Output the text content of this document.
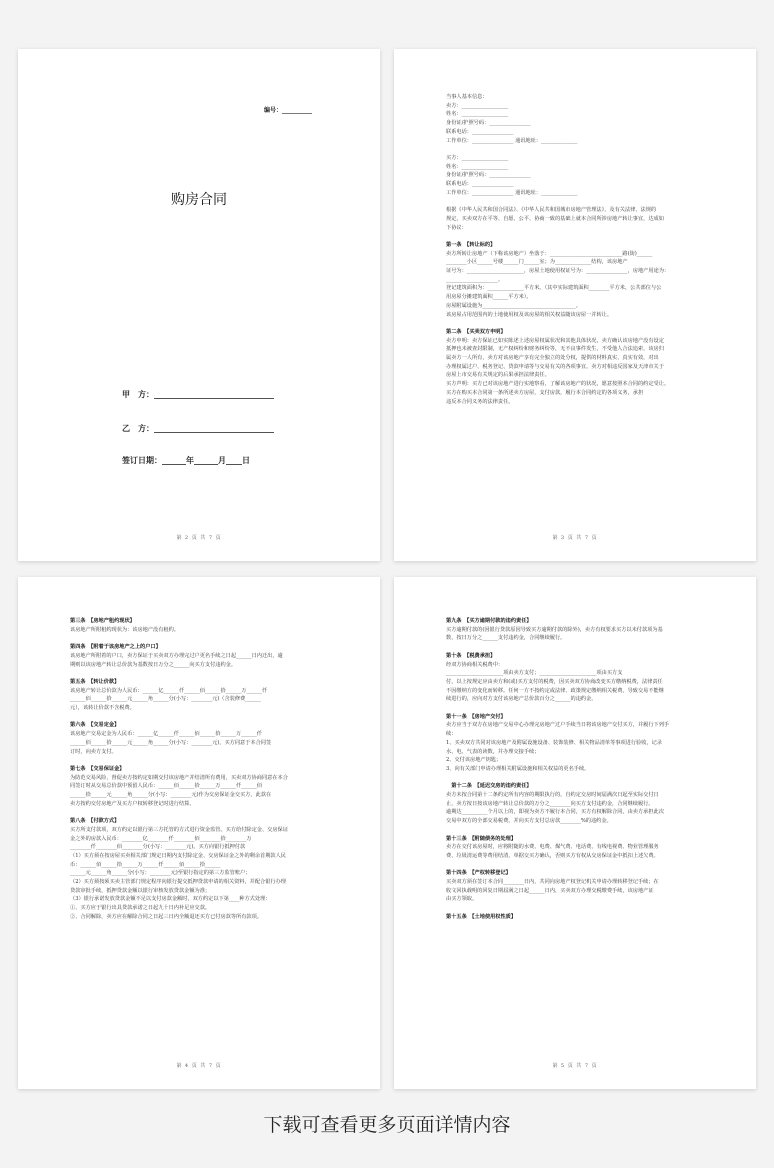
编号：__________
购房合同
甲　方：______________________________
乙　方：______________________________
签订日期：______年______月____日
第 2 页 共 7 页

当事人基本信息：

卖方：__________________

姓名：__________________

身份证/护照号码：________________

联系电话：________________

工作单位：________________ 通讯地址：______________

买方：__________________

姓名：__________________

身份证/护照号码：________________

联系电话：________________

工作单位：________________ 通讯地址：______________

根据《中华人民共和国合同法》、《中华人民共和国城市房地产管理法》，及有关法律、法规的

规定，买卖双方在平等、自愿、公平、协商一致的基础上就本合同所涉房地产转让事宜，达成如

下协议：

第一条　【转让标的】

卖方所转让房地产（下称该房地产）坐落于：____________________________路(街)______

________小区______号楼______门______室；为______________结构，该房地产

证号为：______________________，房屋土地使用权证号为：________________，房地产用途为：

____________________。

登记建筑面积为：______________平方米。（其中实际建筑面积________平方米，公共部位与公

用房屋分摊建筑面积______平方米）。

房屋附属设施为____________________________________。

该房屋占用范围内的土地使用权及该房屋的相关权益随该房屋一并转让。

第二条　【买卖双方申明】

卖方申明：卖方保证已如实陈述上述房屋权属状况和其他具体状况，卖方确认该房地产没有设定

抵押也未被查封限制，无产权纠纷和财务纠纷等，无不良事件发生，不受他人合法追索，该房归

属卖方一人所有，卖方对该房地产享有完全独立的处分权，提供的材料真实、真实有效，对出

办理权属过户、税务登记、贷款申请等与交易有关的各项事宜。卖方对相违反国家及天津市关于

房屋上市交易有关规定的后果承担法律责任。

买方声明：买方已对该房地产进行实地察看，了解该房地产的状况，愿意按照本合同的约定受让。

买方在购买本合同第一条所述卖方房屋，支付房款，履行本合同约定的各项义务，承担

违反本合同义务的法律责任。

第 3 页 共 7 页

第三条　【房地产租约现状】

该房地产所附租约现状为：该房地产没有租约。

第四条　【附着于该房地产之上的户口】

该房地产所附着的户口，卖方保证于买卖双方办理完过户更名手续之日起______日内迁出，逾

期则以该房地产转让总价款为基数按日万分之______向买方支付违约金。

第五条　【转让价款】

该房地产转让总价款为人民币：______亿______仟______佰______拾______万______仟

______佰______拾______元______角______分(小写：________元)（含装修费______

元），该转让价款不含税费。

第六条　【交易定金】

该房地产交易定金为人民币：______亿______仟______佰______拾______万______仟

______佰______拾______元______角______分(小写：________元)，买方同意于本合同签

订时，向卖方支付。

第七条　【交易保证金】

为防范交易风险，督促卖方按约定如期交付该房地产并结清所有费用，买卖双方协商同意在本合

同签订时从交易总价款中预留人民币：______佰______拾______万______仟______佰

______拾______元______角______分(小写：________元)作为交房保证金交买方，此款在

卖方按约交付房地产及买方户权转移登记时进行结算。

第八条　【付款方式】

买方所支付款项，双方约定以银行第三方托管的方式进行资金监管。买方给付除定金、交房保证

金之外的房款入民币：________亿________仟________佰________拾________万

________仟________佰________分(小写：________元)。买方向银行抵押付款

（1）买方须在按房屋买卖相关部门规定日期内支付除定金、交房保证金之外的剩余首期款人民

币：______佰______拾______万______仟______佰______拾______

______元______角______分(小写：________元)至银行指定的第三方监管账户；

（2）买方须按须买卖主管部门规定程序向银行提交抵押贷款申请的相关资料，并配合银行办理

贷款审批手续，抵押贷款金额以银行审核发放贷款金额为准；

（3）银行承诺发放贷款金额不足以支付房款金额时，双方约定以下第____种方式处理：

①、买方应于银行出具贷款承诺之日起九十日内补足应交款。

②、合同解除，卖方应在解除合同之日起三日内全额退还买方已付房款等所有款项。

第 4 页 共 7 页

第九条　【买方逾期付款的违约责任】

买方逾期付款的(因银行贷款原因导致买方逾期付款的除外)，卖方有权要求买方以未付款项为基

数，按日万分之______支付违约金，合同继续履行。

第十条　【税费承担】

经双方协商相关税费中：

______________________项由卖方支付；______________________项由买方支

付，以上按规定应由卖方和(或)买方支付的税费，因买卖双方协商改变买方缴纳税费，法律责任

不因缴纳方的变化而转移。任何一方不按约定或法律、政策规定缴纳相关税费，导致交易不能继

续进行的，应向对方支付该房地产总价款百分之______的违约金。

第十一条　【房地产交付】

卖方应当于双方在房地产交易中心办理完房地产过户手续当日将该房地产交付买方，并履行下列手

续：

1、买卖双方共同对该房地产及附属设施设备、装饰装修、相关物品清单等事项进行验收，记录

水、电、气表的读数，并办理交接手续；

2、交付该房地产钥匙；

3、向有关部门申请办理相关附属设施和相关权益的更名手续。

　第十二条　【延迟交房的违约责任】

卖方未按合同第十二条约定所有内容的期限执行的，自约定交房时间届满次日起至实际交付日

止，卖方按日按该房地产转让总价款的万分之________向买方支付违约金，合同继续履行。

逾期达__________个月以上的，即视为卖方不履行本合同，买方有权解除合同，由卖方承担此次

交易中双方的全部交易税费，并向买方支付总房款________%的违约金。

第十三条　【附随债务的处理】

卖方在交付该房屋时，应将附随的水费、电费、煤气费、电话费、有线电视费、物业管理服务

费、垃圾清运费等费用结清，单据交买方确认，否则买方有权从交房保证金中抵扣上述欠费。

第十四条　【产权转移登记】

买卖双方须在签订本合同________日内，共同向房地产权登记机关申请办理转移登记手续；在

收文回执载明的回复日期届满之日起______日内，买卖双方办理交税缴费手续，该房地产证

由买方领取。

第十五条　【土地使用权性质】

第 5 页 共 7 页
下载可查看更多页面详情内容
